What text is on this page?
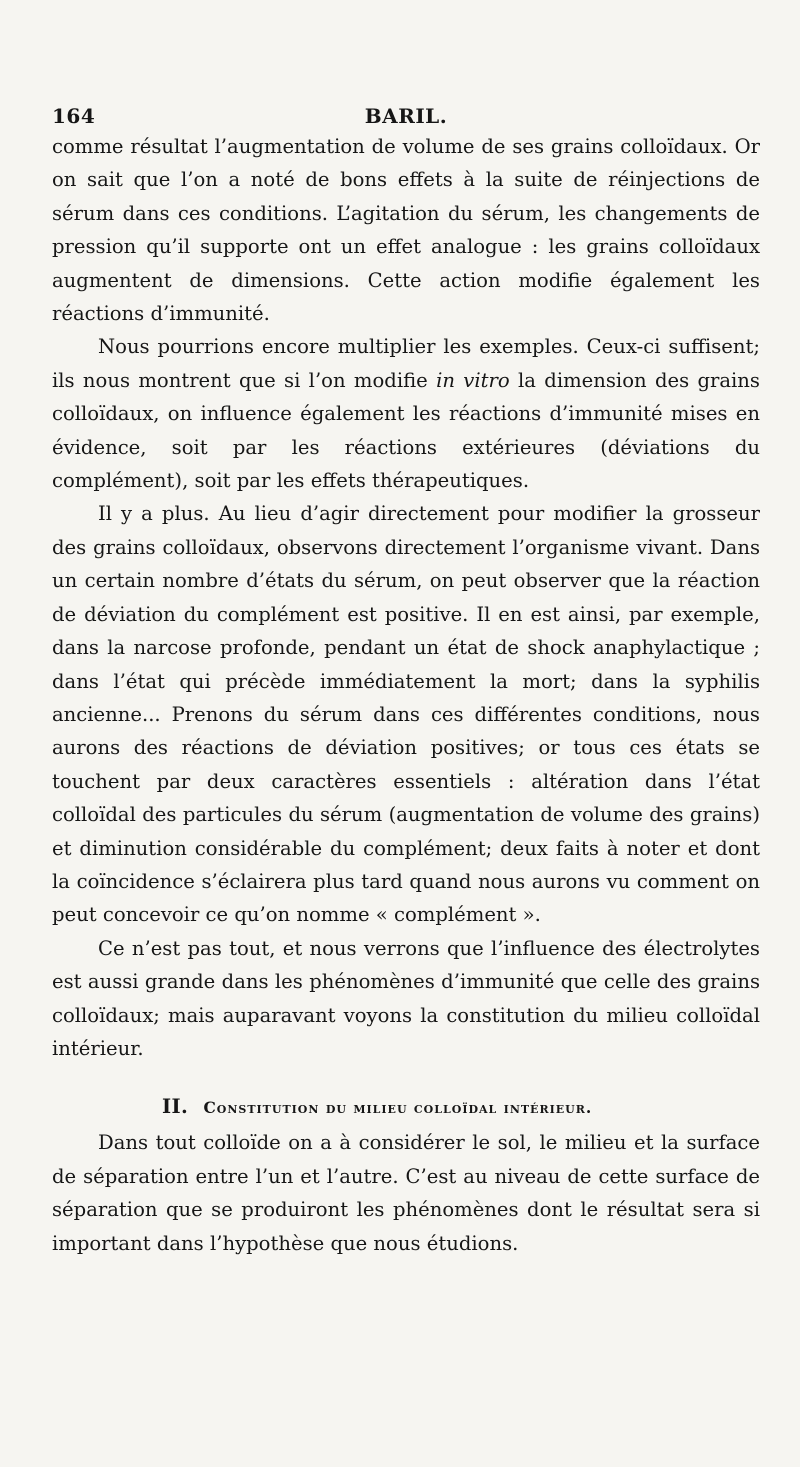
164	BARIL.

comme résultat l’augmentation de volume de ses grains colloïdaux. Or on sait que l’on a noté de bons effets à la suite de réinjections de sérum dans ces conditions. L’agitation du sérum, les changements de pression qu’il supporte ont un effet analogue : les grains colloïdaux augmentent de dimensions. Cette action modifie également les réactions d’immunité.

Nous pourrions encore multiplier les exemples. Ceux-ci suffisent; ils nous montrent que si l’on modifie in vitro la dimension des grains colloïdaux, on influence également les réactions d’immunité mises en évidence, soit par les réactions extérieures (déviations du complément), soit par les effets thérapeutiques.

Il y a plus. Au lieu d’agir directement pour modifier la grosseur des grains colloïdaux, observons directement l’organisme vivant. Dans un certain nombre d’états du sérum, on peut observer que la réaction de déviation du complément est positive. Il en est ainsi, par exemple, dans la narcose profonde, pendant un état de shock anaphylactique ; dans l’état qui précède immédiatement la mort; dans la syphilis ancienne... Prenons du sérum dans ces différentes conditions, nous aurons des réactions de déviation positives; or tous ces états se touchent par deux caractères essentiels : altération dans l’état colloïdal des particules du sérum (augmentation de volume des grains) et diminution considérable du complément; deux faits à noter et dont la coïncidence s’éclairera plus tard quand nous aurons vu comment on peut concevoir ce qu’on nomme « complément ».

Ce n’est pas tout, et nous verrons que l’influence des électrolytes est aussi grande dans les phénomènes d’immunité que celle des grains colloïdaux; mais auparavant voyons la constitution du milieu colloïdal intérieur.

II. Constitution du milieu colloïdal intérieur.

Dans tout colloïde on a à considérer le sol, le milieu et la surface de séparation entre l’un et l’autre. C’est au niveau de cette surface de séparation que se produiront les phénomènes dont le résultat sera si important dans l’hypothèse que nous étudions.
